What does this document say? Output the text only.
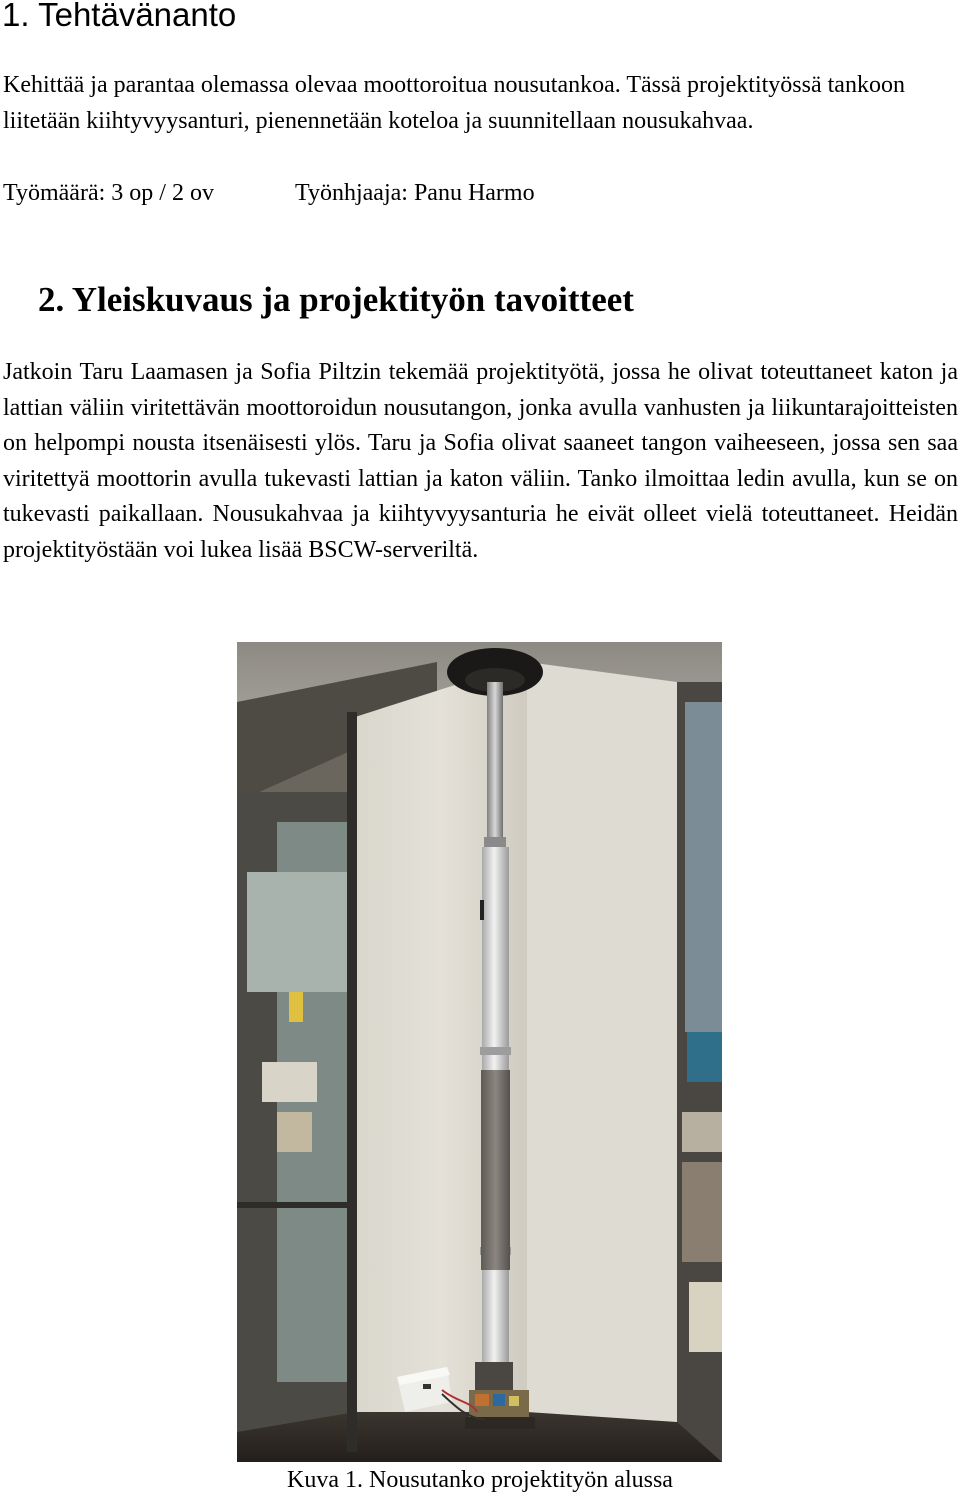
1. Tehtävänanto

Kehittää ja parantaa olemassa olevaa moottoroitua nousutankoa. Tässä projektityössä tankoon liitetään kiihtyvyysanturi, pienennetään koteloa ja suunnitellaan nousukahvaa.

Työmäärä: 3 op / 2 ov	Työnhjaaja: Panu Harmo

2. Yleiskuvaus ja projektityön tavoitteet

Jatkoin Taru Laamasen ja Sofia Piltzin tekemää projektityötä, jossa he olivat toteuttaneet katon ja lattian väliin viritettävän moottoroidun nousutangon, jonka avulla vanhusten ja liikuntarajoitteisten on helpompi nousta itsenäisesti ylös. Taru ja Sofia olivat saaneet tangon vaiheeseen, jossa sen saa viritettyä moottorin avulla tukevasti lattian ja katon väliin. Tanko ilmoittaa ledin avulla, kun se on tukevasti paikallaan. Nousukahvaa ja kiihtyvyysanturia he eivät olleet vielä toteuttaneet. Heidän projektityöstään voi lukea lisää BSCW-serveriltä.

Kuva 1. Nousutanko projektityön alussa
